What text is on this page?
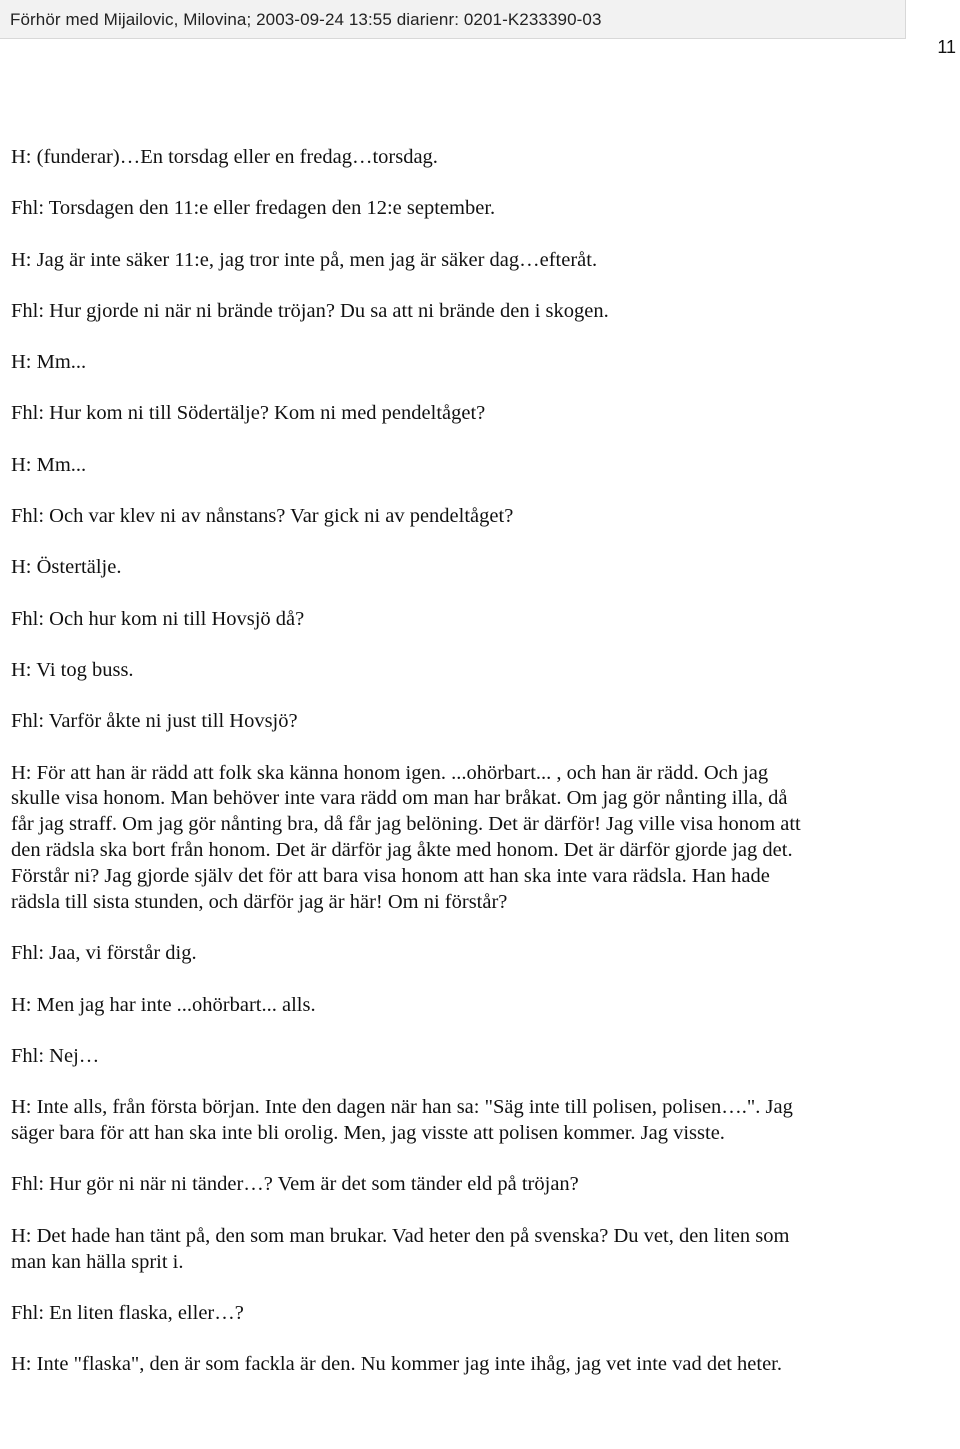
Förhör med Mijailovic, Milovina; 2003-09-24 13:55 diarienr: 0201-K233390-03
11

H: (funderar)…En torsdag eller en fredag…torsdag.

Fhl: Torsdagen den 11:e eller fredagen den 12:e september.

H: Jag är inte säker 11:e, jag tror inte på, men jag är säker dag…efteråt.

Fhl: Hur gjorde ni när ni brände tröjan? Du sa att ni brände den i skogen.

H: Mm...

Fhl: Hur kom ni till Södertälje? Kom ni med pendeltåget?

H: Mm...

Fhl: Och var klev ni av nånstans? Var gick ni av pendeltåget?

H: Östertälje.

Fhl: Och hur kom ni till Hovsjö då?

H: Vi tog buss.

Fhl: Varför åkte ni just till Hovsjö?

H: För att han är rädd att folk ska känna honom igen. ...ohörbart... , och han är rädd. Och jag skulle visa honom. Man behöver inte vara rädd om man har bråkat. Om jag gör nånting illa, då får jag straff. Om jag gör nånting bra, då får jag belöning. Det är därför! Jag ville visa honom att den rädsla ska bort från honom. Det är därför jag åkte med honom. Det är därför gjorde jag det. Förstår ni? Jag gjorde själv det för att bara visa honom att han ska inte vara rädsla. Han hade rädsla till sista stunden, och därför jag är här! Om ni förstår?

Fhl: Jaa, vi förstår dig.

H: Men jag har inte ...ohörbart... alls.

Fhl: Nej…

H: Inte alls, från första början. Inte den dagen när han sa: "Säg inte till polisen, polisen….". Jag säger bara för att han ska inte bli orolig. Men, jag visste att polisen kommer. Jag visste.

Fhl: Hur gör ni när ni tänder…? Vem är det som tänder eld på tröjan?

H: Det hade han tänt på, den som man brukar. Vad heter den på svenska? Du vet, den liten som man kan hälla sprit i.

Fhl: En liten flaska, eller…?

H: Inte "flaska", den är som fackla är den. Nu kommer jag inte ihåg, jag vet inte vad det heter.
